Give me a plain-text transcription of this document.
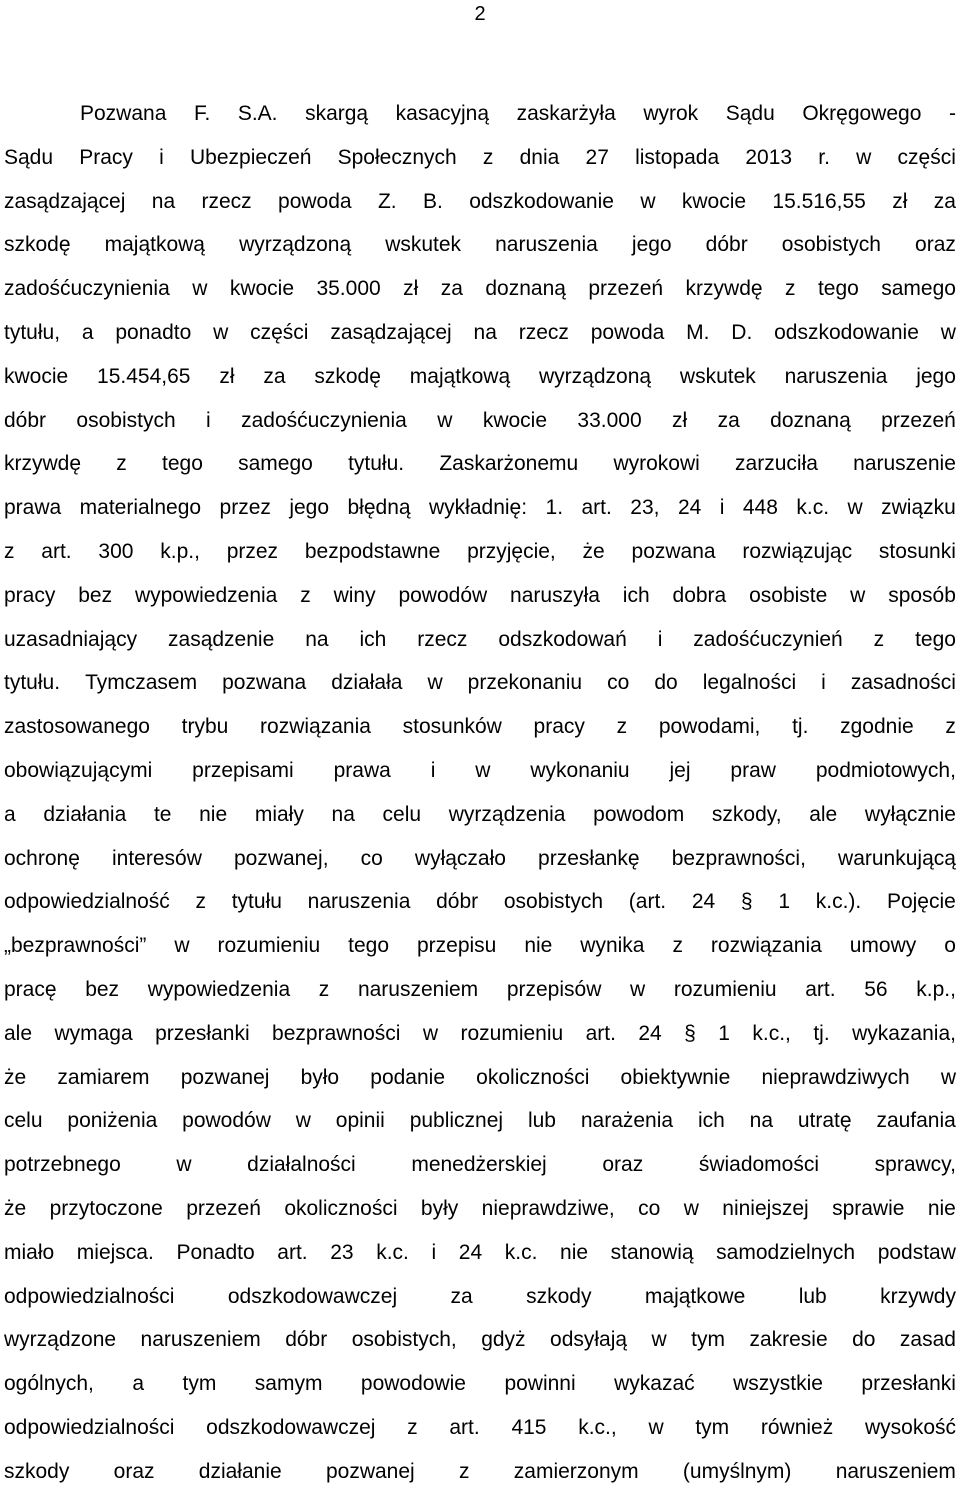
2
Pozwana F. S.A. skargą kasacyjną zaskarżyła wyrok Sądu Okręgowego -
Sądu Pracy i Ubezpieczeń Społecznych z dnia 27 listopada 2013 r. w części
zasądzającej na rzecz powoda Z. B. odszkodowanie w kwocie 15.516,55 zł za
szkodę majątkową wyrządzoną wskutek naruszenia jego dóbr osobistych oraz
zadośćuczynienia w kwocie 35.000 zł za doznaną przezeń krzywdę z tego samego
tytułu, a ponadto w części zasądzającej na rzecz powoda M. D. odszkodowanie w
kwocie 15.454,65 zł za szkodę majątkową wyrządzoną wskutek naruszenia jego
dóbr osobistych i zadośćuczynienia w kwocie 33.000 zł za doznaną przezeń
krzywdę z tego samego tytułu. Zaskarżonemu wyrokowi zarzuciła naruszenie
prawa materialnego przez jego błędną wykładnię: 1. art. 23, 24 i 448 k.c. w związku
z art. 300 k.p., przez bezpodstawne przyjęcie, że pozwana rozwiązując stosunki
pracy bez wypowiedzenia z winy powodów naruszyła ich dobra osobiste w sposób
uzasadniający zasądzenie na ich rzecz odszkodowań i zadośćuczynień z tego
tytułu. Tymczasem pozwana działała w przekonaniu co do legalności i zasadności
zastosowanego trybu rozwiązania stosunków pracy z powodami, tj. zgodnie z
obowiązującymi przepisami prawa i w wykonaniu jej praw podmiotowych,
a działania te nie miały na celu wyrządzenia powodom szkody, ale wyłącznie
ochronę interesów pozwanej, co wyłączało przesłankę bezprawności, warunkującą
odpowiedzialność z tytułu naruszenia dóbr osobistych (art. 24 § 1 k.c.). Pojęcie
„bezprawności” w rozumieniu tego przepisu nie wynika z rozwiązania umowy o
pracę bez wypowiedzenia z naruszeniem przepisów w rozumieniu art. 56 k.p.,
ale wymaga przesłanki bezprawności w rozumieniu art. 24 § 1 k.c., tj. wykazania,
że zamiarem pozwanej było podanie okoliczności obiektywnie nieprawdziwych w
celu poniżenia powodów w opinii publicznej lub narażenia ich na utratę zaufania
potrzebnego	w	działalności	menedżerskiej	oraz	świadomości	sprawcy,
że przytoczone przezeń okoliczności były nieprawdziwe, co w niniejszej sprawie nie
miało miejsca. Ponadto art. 23 k.c. i 24 k.c. nie stanowią samodzielnych podstaw
odpowiedzialności	odszkodowawczej	za	szkody	majątkowe	lub	krzywdy
wyrządzone naruszeniem dóbr osobistych, gdyż odsyłają w tym zakresie do zasad
ogólnych, a tym samym powodowie powinni wykazać wszystkie przesłanki
odpowiedzialności odszkodowawczej z art. 415 k.c., w tym również wysokość
szkody oraz działanie pozwanej z zamierzonym (umyślnym) naruszeniem
